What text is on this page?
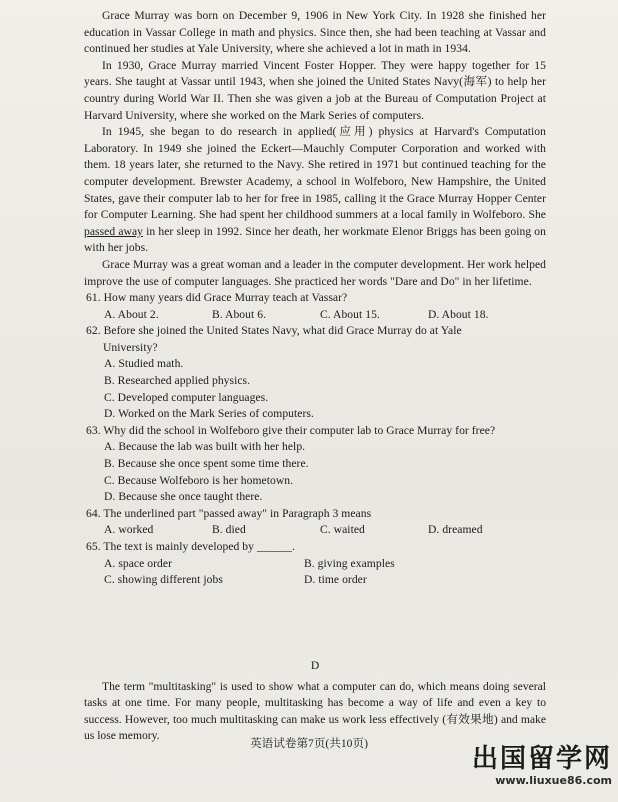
Grace Murray was born on December 9, 1906 in New York City. In 1928 she finished her education in Vassar College in math and physics. Since then, she had been teaching at Vassar and continued her studies at Yale University, where she achieved a lot in math in 1934.

In 1930, Grace Murray married Vincent Foster Hopper. They were happy together for 15 years. She taught at Vassar until 1943, when she joined the United States Navy(海军) to help her country during World War II. Then she was given a job at the Bureau of Computation Project at Harvard University, where she worked on the Mark Series of computers.

In 1945, she began to do research in applied(应用) physics at Harvard's Computation Laboratory. In 1949 she joined the Eckert—Mauchly Computer Corporation and worked with them. 18 years later, she returned to the Navy. She retired in 1971 but continued teaching for the computer development. Brewster Academy, a school in Wolfeboro, New Hampshire, the United States, gave their computer lab to her for free in 1985, calling it the Grace Murray Hopper Center for Computer Learning. She had spent her childhood summers at a local family in Wolfeboro. She passed away in her sleep in 1992. Since her death, her workmate Elenor Briggs has been going on with her jobs.

Grace Murray was a great woman and a leader in the computer development. Her work helped improve the use of computer languages. She practiced her words "Dare and Do" in her lifetime.

61. How many years did Grace Murray teach at Vassar?
A. About 2.	B. About 6.	C. About 15.	D. About 18.
62. Before she joined the United States Navy, what did Grace Murray do at Yale
University?
A. Studied math.
B. Researched applied physics.
C. Developed computer languages.
D. Worked on the Mark Series of computers.
63. Why did the school in Wolfeboro give their computer lab to Grace Murray for free?
A. Because the lab was built with her help.
B. Because she once spent some time there.
C. Because Wolfeboro is her hometown.
D. Because she once taught there.
64. The underlined part "passed away" in Paragraph 3 means
A. worked	B. died	C. waited	D. dreamed
65. The text is mainly developed by ______.
A. space order	B. giving examples
C. showing different jobs	D. time order
D

The term "multitasking" is used to show what a computer can do, which means doing several tasks at one time. For many people, multitasking has become a way of life and even a key to success. However, too much multitasking can make us work less effectively (有效果地) and make us lose memory.

英语试卷第7页(共10页)
出国留学网
www.liuxue86.com
